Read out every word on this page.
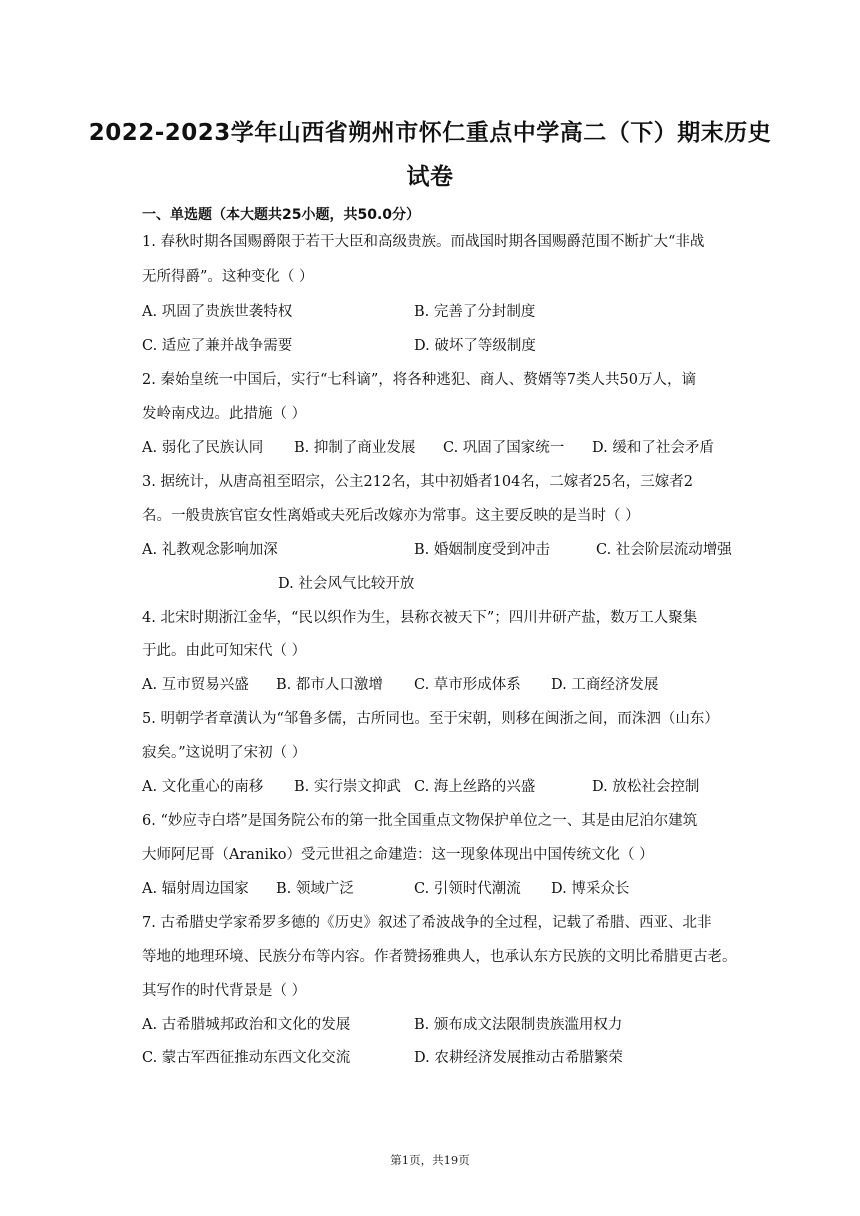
2022-2023学年山西省朔州市怀仁重点中学高二（下）期末历史
试卷
一、单选题（本大题共25小题，共50.0分）
1. 春秋时期各国赐爵限于若干大臣和高级贵族。而战国时期各国赐爵范围不断扩大“非战
无所得爵”。这种变化（ ）
A. 巩固了贵族世袭特权	B. 完善了分封制度
C. 适应了兼并战争需要	D. 破坏了等级制度
2. 秦始皇统一中国后，实行“七科谪”，将各种逃犯、商人、赘婿等7类人共50万人，谪
发岭南戍边。此措施（ ）
A. 弱化了民族认同 B. 抑制了商业发展 C. 巩固了国家统一 D. 缓和了社会矛盾
3. 据统计，从唐高祖至昭宗，公主212名，其中初婚者104名，二嫁者25名，三嫁者2
名。一般贵族官宦女性离婚或夫死后改嫁亦为常事。这主要反映的是当时（ ）
A. 礼教观念影响加深	B. 婚姻制度受到冲击	C. 社会阶层流动增强
D. 社会风气比较开放
4. 北宋时期浙江金华，“民以织作为生，县称衣被天下”；四川井研产盐，数万工人聚集
于此。由此可知宋代（ ）
A. 互市贸易兴盛 B. 都市人口激增 C. 草市形成体系 D. 工商经济发展
5. 明朝学者章潢认为“邹鲁多儒，古所同也。至于宋朝，则移在闽浙之间，而洙泗（山东）
寂矣。”这说明了宋初（ ）
A. 文化重心的南移 B. 实行崇文抑武 C. 海上丝路的兴盛	D. 放松社会控制
6. “妙应寺白塔”是国务院公布的第一批全国重点文物保护单位之一、其是由尼泊尔建筑
大师阿尼哥（Araniko）受元世祖之命建造：这一现象体现出中国传统文化（ ）
A. 辐射周边国家 B. 领域广泛	C. 引领时代潮流 D. 博采众长
7. 古希腊史学家希罗多德的《历史》叙述了希波战争的全过程，记载了希腊、西亚、北非
等地的地理环境、民族分布等内容。作者赞扬雅典人，也承认东方民族的文明比希腊更古老。
其写作的时代背景是（ ）
A. 古希腊城邦政治和文化的发展	B. 颁布成文法限制贵族滥用权力
C. 蒙古军西征推动东西文化交流	D. 农耕经济发展推动古希腊繁荣
第1页，共19页
